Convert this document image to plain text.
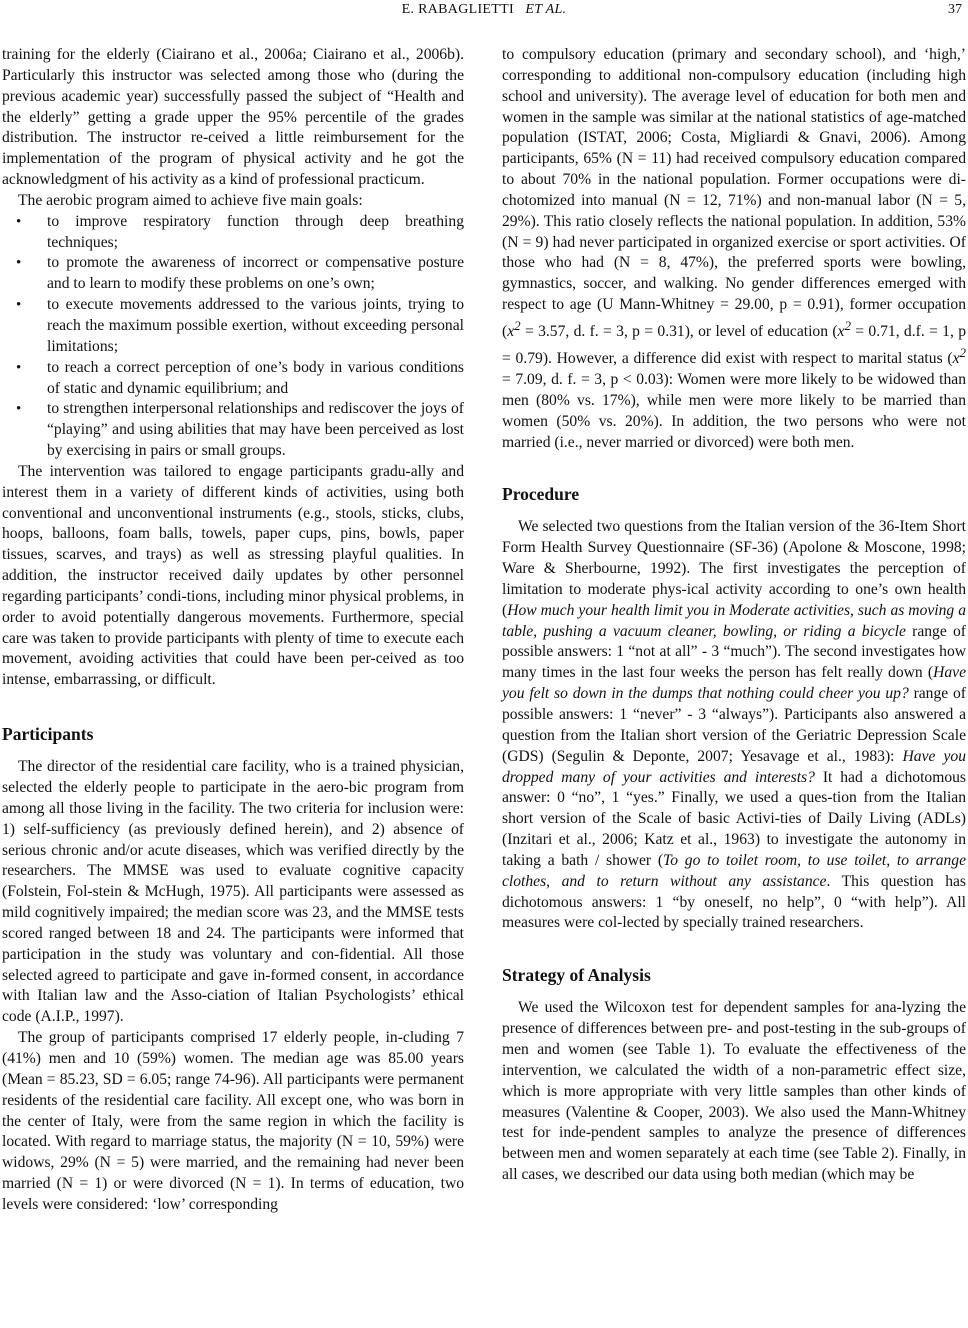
E. RABAGLIETTI ET AL.	37

training for the elderly (Ciairano et al., 2006a; Ciairano et al., 2006b). Particularly this instructor was selected among those who (during the previous academic year) successfully passed the subject of “Health and the elderly” getting a grade upper the 95% percentile of the grades distribution. The instructor re-ceived a little reimbursement for the implementation of the program of physical activity and he got the acknowledgment of his activity as a kind of professional practicum.

The aerobic program aimed to achieve five main goals:

• to improve respiratory function through deep breathing techniques;
• to promote the awareness of incorrect or compensative posture and to learn to modify these problems on one’s own;
• to execute movements addressed to the various joints, trying to reach the maximum possible exertion, without exceeding personal limitations;
• to reach a correct perception of one’s body in various conditions of static and dynamic equilibrium; and
• to strengthen interpersonal relationships and rediscover the joys of “playing” and using abilities that may have been perceived as lost by exercising in pairs or small groups.

The intervention was tailored to engage participants gradu-ally and interest them in a variety of different kinds of activities, using both conventional and unconventional instruments (e.g., stools, sticks, clubs, hoops, balloons, foam balls, towels, paper cups, pins, bowls, paper tissues, scarves, and trays) as well as stressing playful qualities. In addition, the instructor received daily updates by other personnel regarding participants’ condi-tions, including minor physical problems, in order to avoid potentially dangerous movements. Furthermore, special care was taken to provide participants with plenty of time to execute each movement, avoiding activities that could have been per-ceived as too intense, embarrassing, or difficult.

Participants

The director of the residential care facility, who is a trained physician, selected the elderly people to participate in the aero-bic program from among all those living in the facility. The two criteria for inclusion were: 1) self-sufficiency (as previously defined herein), and 2) absence of serious chronic and/or acute diseases, which was verified directly by the researchers. The MMSE was used to evaluate cognitive capacity (Folstein, Fol-stein & McHugh, 1975). All participants were assessed as mild cognitively impaired; the median score was 23, and the MMSE tests scored ranged between 18 and 24. The participants were informed that participation in the study was voluntary and con-fidential. All those selected agreed to participate and gave in-formed consent, in accordance with Italian law and the Asso-ciation of Italian Psychologists’ ethical code (A.I.P., 1997).

The group of participants comprised 17 elderly people, in-cluding 7 (41%) men and 10 (59%) women. The median age was 85.00 years (Mean = 85.23, SD = 6.05; range 74-96). All participants were permanent residents of the residential care facility. All except one, who was born in the center of Italy, were from the same region in which the facility is located. With regard to marriage status, the majority (N = 10, 59%) were widows, 29% (N = 5) were married, and the remaining had never been married (N = 1) or were divorced (N = 1). In terms of education, two levels were considered: ‘low’ corresponding

to compulsory education (primary and secondary school), and ‘high,’ corresponding to additional non-compulsory education (including high school and university). The average level of education for both men and women in the sample was similar at the national statistics of age-matched population (ISTAT, 2006; Costa, Migliardi & Gnavi, 2006). Among participants, 65% (N = 11) had received compulsory education compared to about 70% in the national population. Former occupations were di-chotomized into manual (N = 12, 71%) and non-manual labor (N = 5, 29%). This ratio closely reflects the national population. In addition, 53% (N = 9) had never participated in organized exercise or sport activities. Of those who had (N = 8, 47%), the preferred sports were bowling, gymnastics, soccer, and walking. No gender differences emerged with respect to age (U Mann-Whitney = 29.00, p = 0.91), former occupation ($x^2 = 3.57$, d. f. = 3, p = 0.31), or level of education ($x^2 = 0.71$, d.f. = 1, p = 0.79). However, a difference did exist with respect to marital status ($x^2 = 7.09$, d. f. = 3, p < 0.03): Women were more likely to be widowed than men (80% vs. 17%), while men were more likely to be married than women (50% vs. 20%). In addition, the two persons who were not married (i.e., never married or divorced) were both men.

Procedure

We selected two questions from the Italian version of the 36-Item Short Form Health Survey Questionnaire (SF-36) (Apolone & Moscone, 1998; Ware & Sherbourne, 1992). The first investigates the perception of limitation to moderate phys-ical activity according to one’s own health (How much your health limit you in Moderate activities, such as moving a table, pushing a vacuum cleaner, bowling, or riding a bicycle range of possible answers: 1 “not at all” - 3 “much”). The second investigates how many times in the last four weeks the person has felt really down (Have you felt so down in the dumps that nothing could cheer you up? range of possible answers: 1 “never” - 3 “always”). Participants also answered a question from the Italian short version of the Geriatric Depression Scale (GDS) (Segulin & Deponte, 2007; Yesavage et al., 1983): Have you dropped many of your activities and interests? It had a dichotomous answer: 0 “no”, 1 “yes.” Finally, we used a ques-tion from the Italian short version of the Scale of basic Activi-ties of Daily Living (ADLs) (Inzitari et al., 2006; Katz et al., 1963) to investigate the autonomy in taking a bath / shower (To go to toilet room, to use toilet, to arrange clothes, and to return without any assistance. This question has dichotomous answers: 1 “by oneself, no help”, 0 “with help”). All measures were col-lected by specially trained researchers.

Strategy of Analysis

We used the Wilcoxon test for dependent samples for ana-lyzing the presence of differences between pre- and post-testing in the sub-groups of men and women (see Table 1). To evaluate the effectiveness of the intervention, we calculated the width of a non-parametric effect size, which is more appropriate with very little samples than other kinds of measures (Valentine & Cooper, 2003). We also used the Mann-Whitney test for inde-pendent samples to analyze the presence of differences between men and women separately at each time (see Table 2). Finally, in all cases, we described our data using both median (which may be
